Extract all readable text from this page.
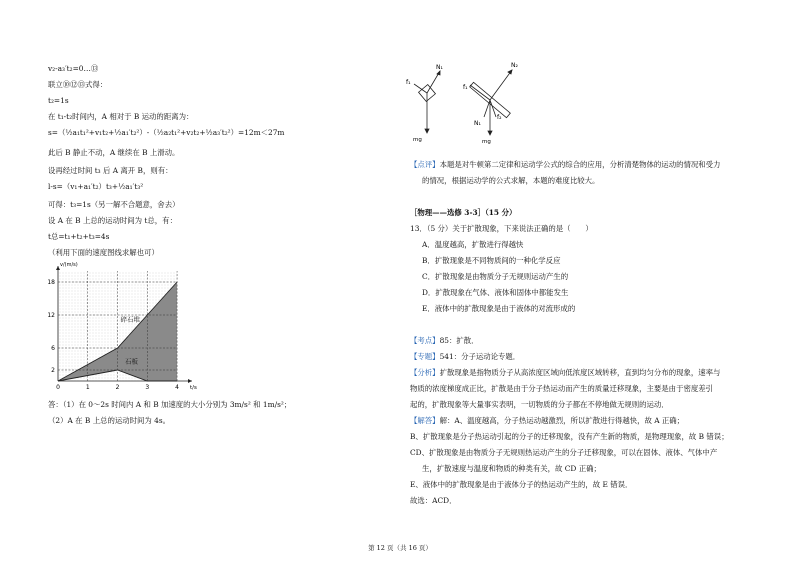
v₂-a₃′t₂=0…⑬
联立⑩⑫⑬式得：
t₂=1s
在 t₁-t₂时间内，A 相对于 B 运动的距离为：
s=（½a₁t₁²+v₁t₂+½a₁′t₂²）-（½a₂t₁²+v₂t₂+½a₃′t₂²）=12m＜27m
此后 B 静止不动，A 继续在 B 上滑动。
设再经过时间 t₃ 后 A 离开 B，则有：
l-s=（v₁+a₁′t₂）t₃+½a₁′t₃²
可得：t₃=1s（另一解不合题意，舍去）
设 A 在 B 上总的运动时间为 t总，有：
t总=t₁+t₂+t₃=4s
（利用下面的速度图线求解也可）
2
6
12
18
0	1	2	3	4 t/s
v/(m/s)
碎石堆
石板
答：（1）在 0～2s 时间内 A 和 B 加速度的大小分别为 3m/s² 和 1m/s²；
（2）A 在 B 上总的运动时间为 4s。
N₁
f₁
mg
N₂
f₁
f₂
N₁
mg
【点评】本题是对牛顿第二定律和运动学公式的综合的应用，分析清楚物体的运动的情况和受力
的情况，根据运动学的公式求解，本题的难度比较大。
［物理——选修 3-3］（15 分）
13．（5 分）关于扩散现象，下来说法正确的是（　　）
A．温度越高，扩散进行得越快
B．扩散现象是不同物质间的一种化学反应
C．扩散现象是由物质分子无规则运动产生的
D．扩散现象在气体、液体和固体中都能发生
E．液体中的扩散现象是由于液体的对流形成的
【考点】85：扩散．
【专题】541：分子运动论专题．
【分析】扩散现象是指物质分子从高浓度区域向低浓度区域转移，直到均匀分布的现象，速率与
物质的浓度梯度成正比，扩散是由于分子热运动而产生的质量迁移现象，主要是由于密度差引
起的，扩散现象等大量事实表明，一切物质的分子都在不停地做无规则的运动．
【解答】解：A、温度越高，分子热运动越激烈，所以扩散进行得越快，故 A 正确；
B、扩散现象是分子热运动引起的分子的迁移现象，没有产生新的物质，是物理现象，故 B 错误；
CD、扩散现象是由物质分子无规则热运动产生的分子迁移现象，可以在固体、液体、气体中产
生，扩散速度与温度和物质的种类有关，故 CD 正确；
E、液体中的扩散现象是由于液体分子的热运动产生的，故 E 错误．
故选：ACD．
第 12 页（共 16 页）
